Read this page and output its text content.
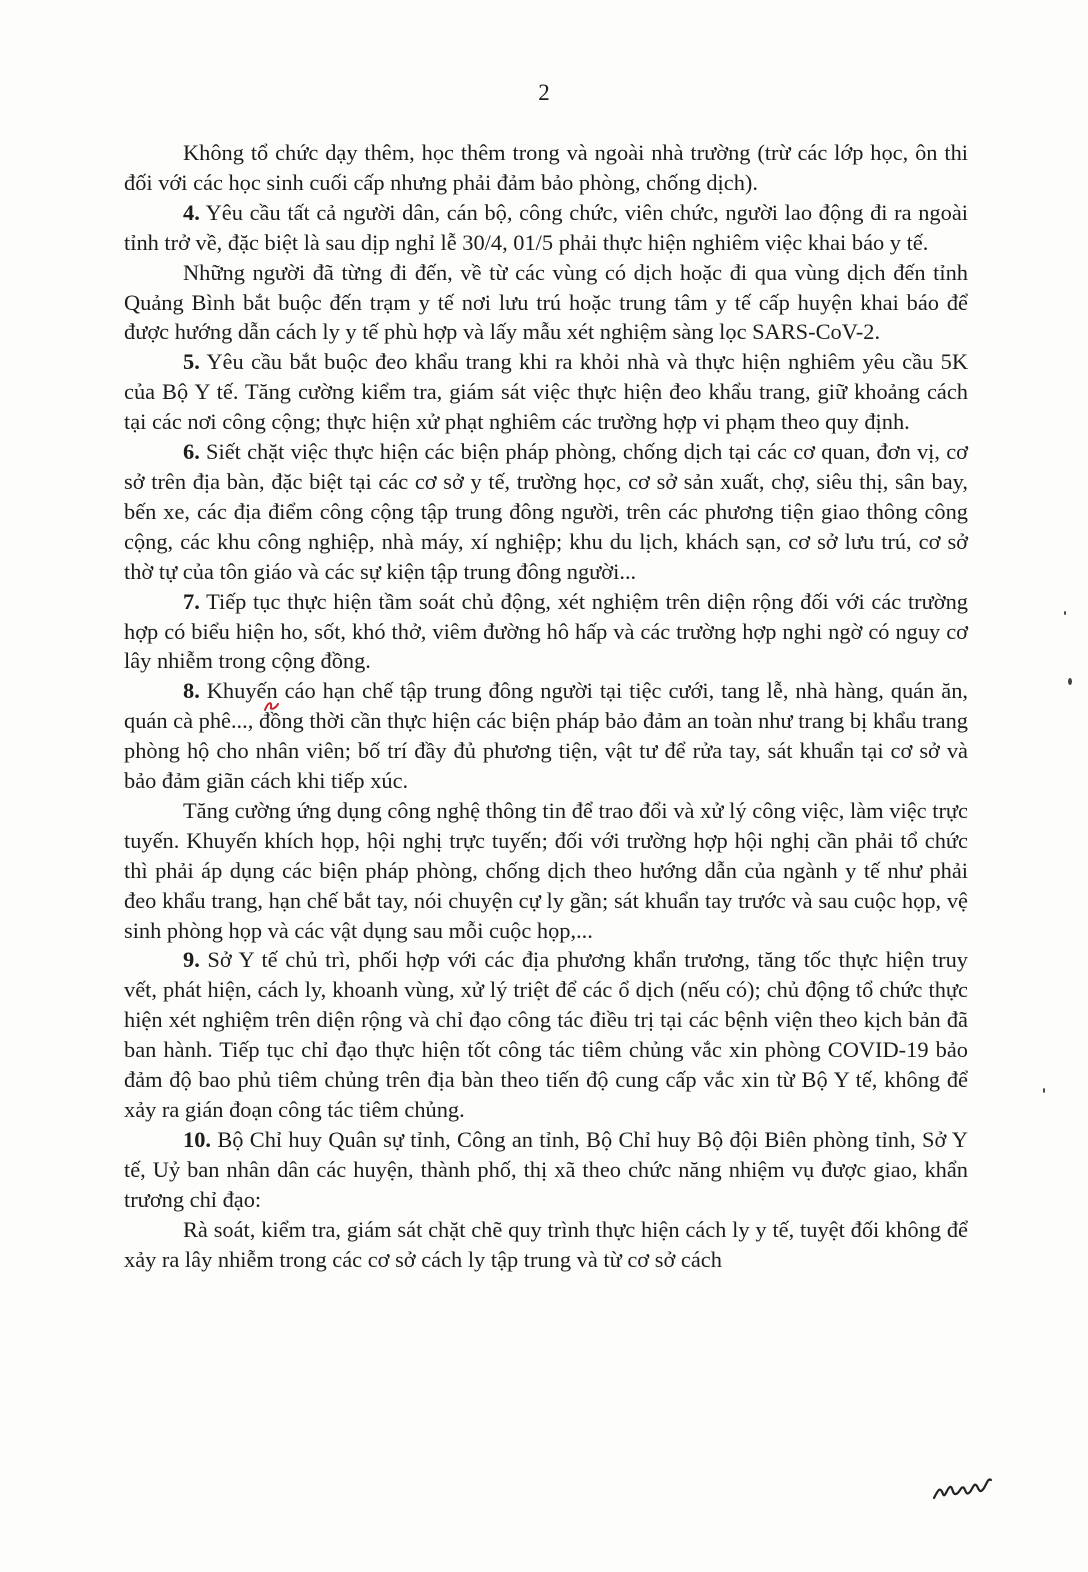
2

Không tổ chức dạy thêm, học thêm trong và ngoài nhà trường (trừ các lớp học, ôn thi đối với các học sinh cuối cấp nhưng phải đảm bảo phòng, chống dịch).

4. Yêu cầu tất cả người dân, cán bộ, công chức, viên chức, người lao động đi ra ngoài tỉnh trở về, đặc biệt là sau dịp nghỉ lễ 30/4, 01/5 phải thực hiện nghiêm việc khai báo y tế.

Những người đã từng đi đến, về từ các vùng có dịch hoặc đi qua vùng dịch đến tỉnh Quảng Bình bắt buộc đến trạm y tế nơi lưu trú hoặc trung tâm y tế cấp huyện khai báo để được hướng dẫn cách ly y tế phù hợp và lấy mẫu xét nghiệm sàng lọc SARS-CoV-2.

5. Yêu cầu bắt buộc đeo khẩu trang khi ra khỏi nhà và thực hiện nghiêm yêu cầu 5K của Bộ Y tế. Tăng cường kiểm tra, giám sát việc thực hiện đeo khẩu trang, giữ khoảng cách tại các nơi công cộng; thực hiện xử phạt nghiêm các trường hợp vi phạm theo quy định.

6. Siết chặt việc thực hiện các biện pháp phòng, chống dịch tại các cơ quan, đơn vị, cơ sở trên địa bàn, đặc biệt tại các cơ sở y tế, trường học, cơ sở sản xuất, chợ, siêu thị, sân bay, bến xe, các địa điểm công cộng tập trung đông người, trên các phương tiện giao thông công cộng, các khu công nghiệp, nhà máy, xí nghiệp; khu du lịch, khách sạn, cơ sở lưu trú, cơ sở thờ tự của tôn giáo và các sự kiện tập trung đông người...

7. Tiếp tục thực hiện tầm soát chủ động, xét nghiệm trên diện rộng đối với các trường hợp có biểu hiện ho, sốt, khó thở, viêm đường hô hấp và các trường hợp nghi ngờ có nguy cơ lây nhiễm trong cộng đồng.

8. Khuyến cáo hạn chế tập trung đông người tại tiệc cưới, tang lễ, nhà hàng, quán ăn, quán cà phê..., đồng thời cần thực hiện các biện pháp bảo đảm an toàn như trang bị khẩu trang phòng hộ cho nhân viên; bố trí đầy đủ phương tiện, vật tư để rửa tay, sát khuẩn tại cơ sở và bảo đảm giãn cách khi tiếp xúc.

Tăng cường ứng dụng công nghệ thông tin để trao đổi và xử lý công việc, làm việc trực tuyến. Khuyến khích họp, hội nghị trực tuyến; đối với trường hợp hội nghị cần phải tổ chức thì phải áp dụng các biện pháp phòng, chống dịch theo hướng dẫn của ngành y tế như phải đeo khẩu trang, hạn chế bắt tay, nói chuyện cự ly gần; sát khuẩn tay trước và sau cuộc họp, vệ sinh phòng họp và các vật dụng sau mỗi cuộc họp,...

9. Sở Y tế chủ trì, phối hợp với các địa phương khẩn trương, tăng tốc thực hiện truy vết, phát hiện, cách ly, khoanh vùng, xử lý triệt để các ổ dịch (nếu có); chủ động tổ chức thực hiện xét nghiệm trên diện rộng và chỉ đạo công tác điều trị tại các bệnh viện theo kịch bản đã ban hành. Tiếp tục chỉ đạo thực hiện tốt công tác tiêm chủng vắc xin phòng COVID-19 bảo đảm độ bao phủ tiêm chủng trên địa bàn theo tiến độ cung cấp vắc xin từ Bộ Y tế, không để xảy ra gián đoạn công tác tiêm chủng.

10. Bộ Chỉ huy Quân sự tỉnh, Công an tỉnh, Bộ Chỉ huy Bộ đội Biên phòng tỉnh, Sở Y tế, Uỷ ban nhân dân các huyện, thành phố, thị xã theo chức năng nhiệm vụ được giao, khẩn trương chỉ đạo:

Rà soát, kiểm tra, giám sát chặt chẽ quy trình thực hiện cách ly y tế, tuyệt đối không để xảy ra lây nhiễm trong các cơ sở cách ly tập trung và từ cơ sở cách
